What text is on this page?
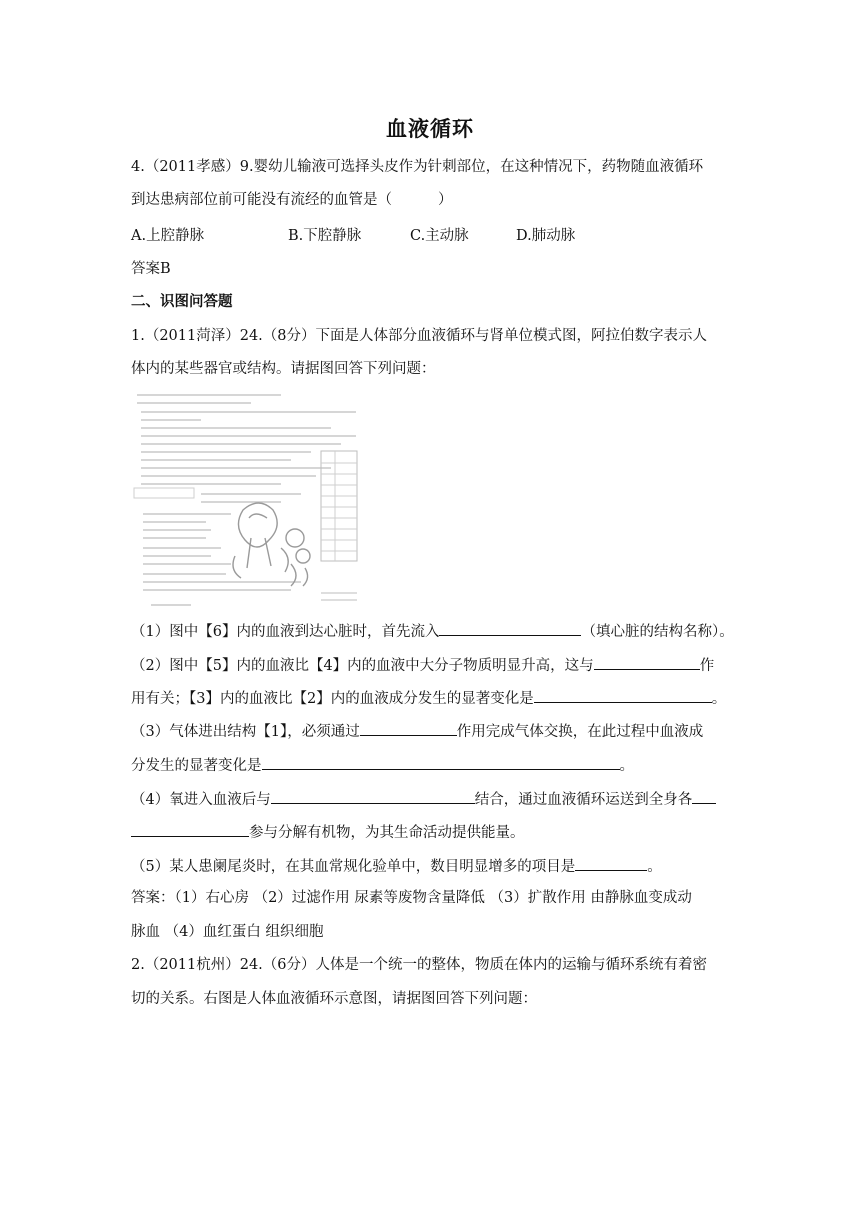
血液循环
4.（2011孝感）9.婴幼儿输液可选择头皮作为针刺部位，在这种情况下，药物随血液循环
到达患病部位前可能没有流经的血管是（	）
A.上腔静脉	B.下腔静脉	C.主动脉	D.肺动脉
答案B
二、识图问答题
1.（2011菏泽）24.（8分）下面是人体部分血液循环与肾单位模式图，阿拉伯数字表示人
体内的某些器官或结构。请据图回答下列问题：
（1）图中【6】内的血液到达心脏时，首先流入	（填心脏的结构名称）。
（2）图中【5】内的血液比【4】内的血液中大分子物质明显升高，这与	作
用有关；【3】内的血液比【2】内的血液成分发生的显著变化是	。
（3）气体进出结构【1】，必须通过	作用完成气体交换，在此过程中血液成
分发生的显著变化是	。
（4）氧进入血液后与	结合，通过血液循环运送到全身各
参与分解有机物，为其生命活动提供能量。
（5）某人患阑尾炎时，在其血常规化验单中，数目明显增多的项目是	。
答案：（1）右心房 （2）过滤作用 尿素等废物含量降低 （3）扩散作用 由静脉血变成动
脉血 （4）血红蛋白 组织细胞
2.（2011杭州）24.（6分）人体是一个统一的整体，物质在体内的运输与循环系统有着密
切的关系。右图是人体血液循环示意图，请据图回答下列问题：
